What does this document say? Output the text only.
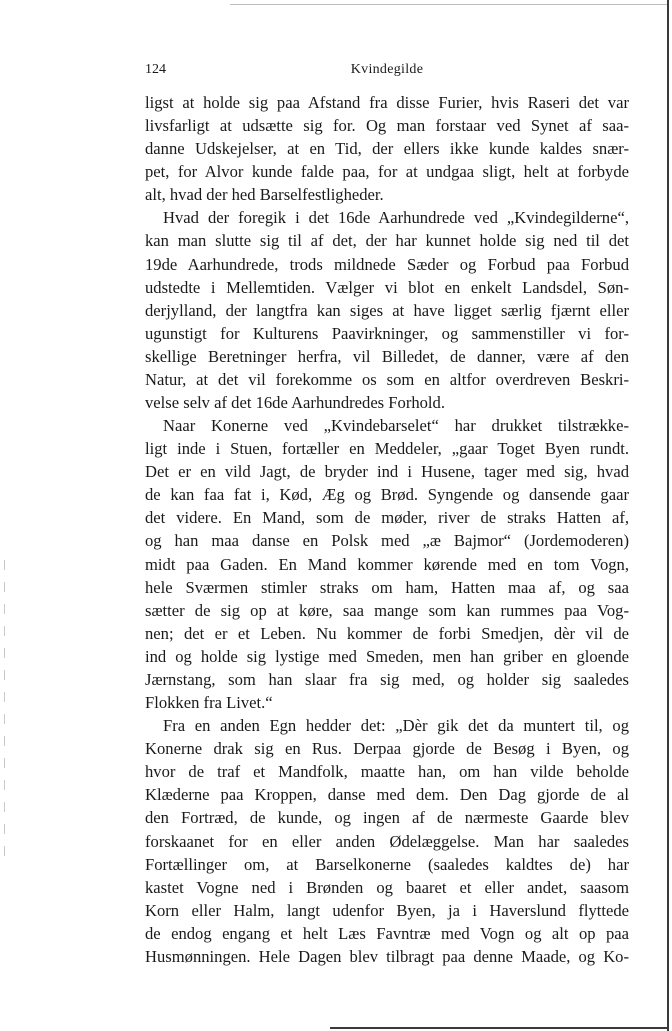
124	Kvindegilde
ligst at holde sig paa Afstand fra disse Furier, hvis Raseri det var
livsfarligt at udsætte sig for. Og man forstaar ved Synet af saa-
danne Udskejelser, at en Tid, der ellers ikke kunde kaldes snær-
pet, for Alvor kunde falde paa, for at undgaa sligt, helt at forbyde
alt, hvad der hed Barselfestligheder.
Hvad der foregik i det 16de Aarhundrede ved „Kvindegilderne“,
kan man slutte sig til af det, der har kunnet holde sig ned til det
19de Aarhundrede, trods mildnede Sæder og Forbud paa Forbud
udstedte i Mellemtiden. Vælger vi blot en enkelt Landsdel, Søn-
derjylland, der langtfra kan siges at have ligget særlig fjærnt eller
ugunstigt for Kulturens Paavirkninger, og sammenstiller vi for-
skellige Beretninger herfra, vil Billedet, de danner, være af den
Natur, at det vil forekomme os som en altfor overdreven Beskri-
velse selv af det 16de Aarhundredes Forhold.
Naar Konerne ved „Kvindebarselet“ har drukket tilstrække-
ligt inde i Stuen, fortæller en Meddeler, „gaar Toget Byen rundt.
Det er en vild Jagt, de bryder ind i Husene, tager med sig, hvad
de kan faa fat i, Kød, Æg og Brød. Syngende og dansende gaar
det videre. En Mand, som de møder, river de straks Hatten af,
og han maa danse en Polsk med „æ Bajmor“ (Jordemoderen)
midt paa Gaden. En Mand kommer kørende med en tom Vogn,
hele Sværmen stimler straks om ham, Hatten maa af, og saa
sætter de sig op at køre, saa mange som kan rummes paa Vog-
nen; det er et Leben. Nu kommer de forbi Smedjen, dèr vil de
ind og holde sig lystige med Smeden, men han griber en gloende
Jærnstang, som han slaar fra sig med, og holder sig saaledes
Flokken fra Livet.“
Fra en anden Egn hedder det: „Dèr gik det da muntert til, og
Konerne drak sig en Rus. Derpaa gjorde de Besøg i Byen, og
hvor de traf et Mandfolk, maatte han, om han vilde beholde
Klæderne paa Kroppen, danse med dem. Den Dag gjorde de al
den Fortræd, de kunde, og ingen af de nærmeste Gaarde blev
forskaanet for en eller anden Ødelæggelse. Man har saaledes
Fortællinger om, at Barselkonerne (saaledes kaldtes de) har
kastet Vogne ned i Brønden og baaret et eller andet, saasom
Korn eller Halm, langt udenfor Byen, ja i Haverslund flyttede
de endog engang et helt Læs Favntræ med Vogn og alt op paa
Husmønningen. Hele Dagen blev tilbragt paa denne Maade, og Ko-
